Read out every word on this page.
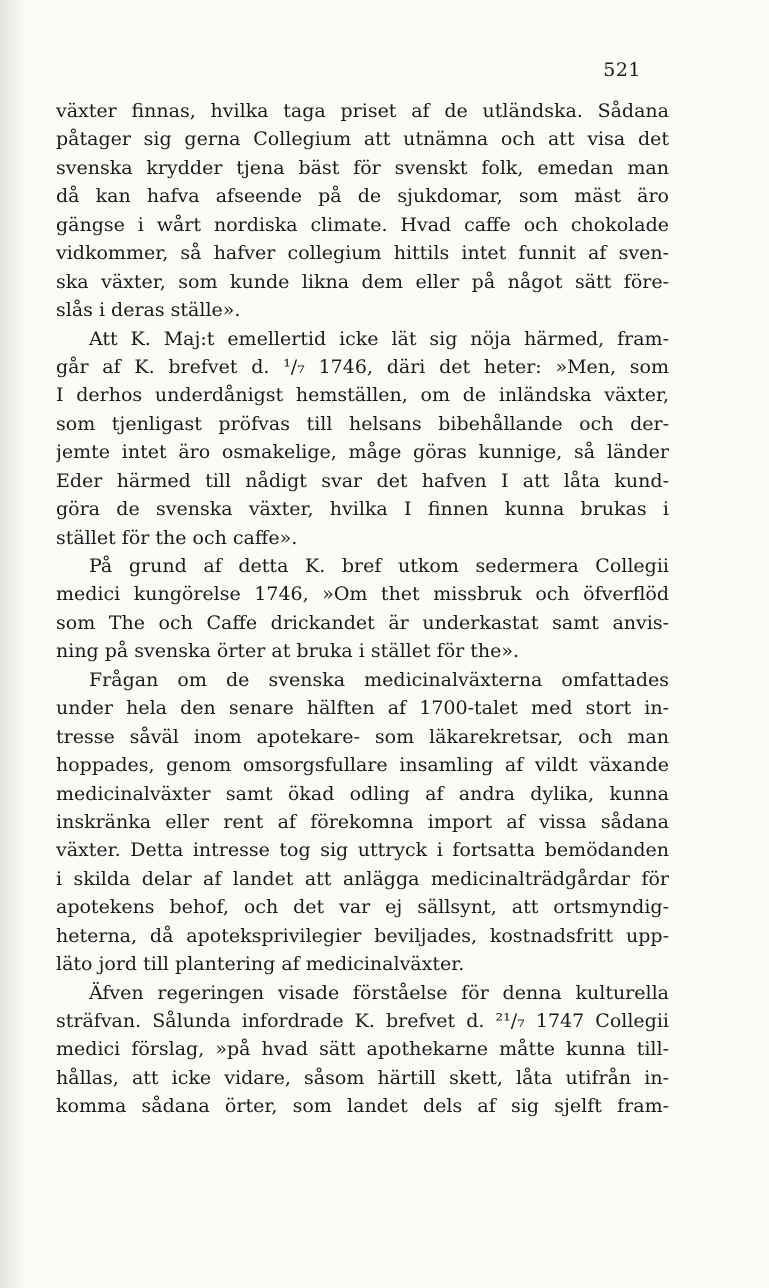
521

växter finnas, hvilka taga priset af de utländska. Sådana
påtager sig gerna Collegium att utnämna och att visa det
svenska krydder tjena bäst för svenskt folk, emedan man
då kan hafva afseende på de sjukdomar, som mäst äro
gängse i wårt nordiska climate. Hvad caffe och chokolade
vidkommer, så hafver collegium hittils intet funnit af sven-
ska växter, som kunde likna dem eller på något sätt före-
slås i deras ställe».
Att K. Maj:t emellertid icke lät sig nöja härmed, fram-
går af K. brefvet d. ¹/₇ 1746, däri det heter: »Men, som
I derhos underdånigst hemställen, om de inländska växter,
som tjenligast pröfvas till helsans bibehållande och der-
jemte intet äro osmakelige, måge göras kunnige, så länder
Eder härmed till nådigt svar det hafven I att låta kund-
göra de svenska växter, hvilka I finnen kunna brukas i
stället för the och caffe».
På grund af detta K. bref utkom sedermera Collegii
medici kungörelse 1746, »Om thet missbruk och öfverflöd
som The och Caffe drickandet är underkastat samt anvis-
ning på svenska örter at bruka i stället för the».
Frågan om de svenska medicinalväxterna omfattades
under hela den senare hälften af 1700-talet med stort in-
tresse såväl inom apotekare- som läkarekretsar, och man
hoppades, genom omsorgsfullare insamling af vildt växande
medicinalväxter samt ökad odling af andra dylika, kunna
inskränka eller rent af förekomna import af vissa sådana
växter. Detta intresse tog sig uttryck i fortsatta bemödanden
i skilda delar af landet att anlägga medicinalträdgårdar för
apotekens behof, och det var ej sällsynt, att ortsmyndig-
heterna, då apoteksprivilegier beviljades, kostnadsfritt upp-
läto jord till plantering af medicinalväxter.
Äfven regeringen visade förståelse för denna kulturella
sträfvan. Sålunda infordrade K. brefvet d. ²¹/₇ 1747 Collegii
medici förslag, »på hvad sätt apothekarne måtte kunna till-
hållas, att icke vidare, såsom härtill skett, låta utifrån in-
komma sådana örter, som landet dels af sig sjelft fram-
